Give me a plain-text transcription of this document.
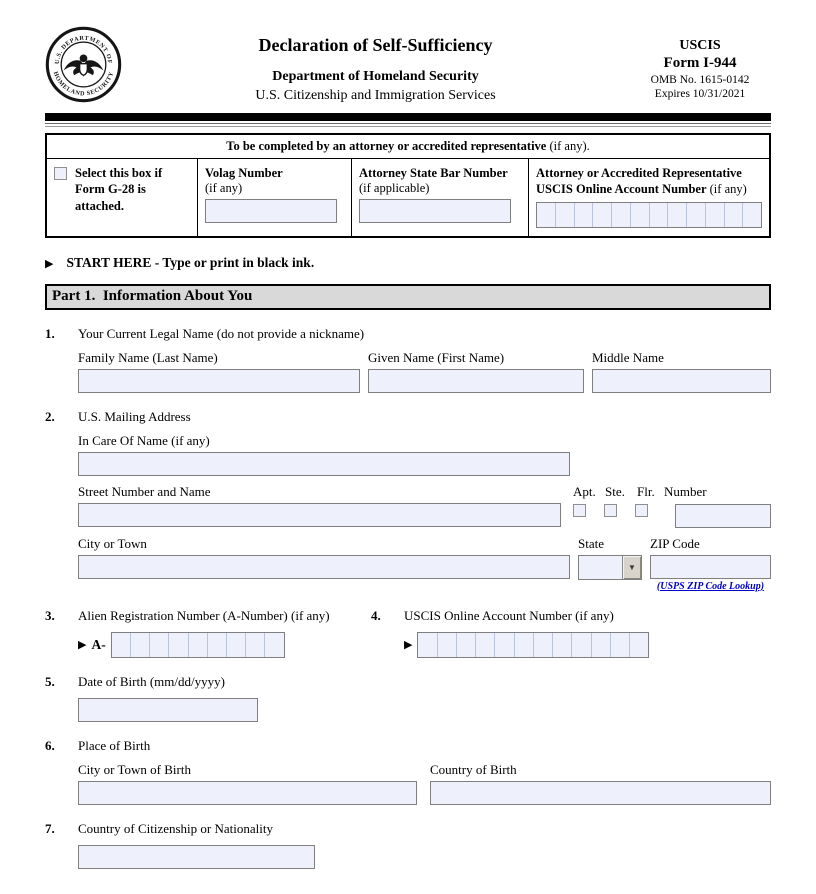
U.S. DEPARTMENT OF
HOMELAND SECURITY
Declaration of Self-Sufficiency
Department of Homeland Security
U.S. Citizenship and Immigration Services
USCIS
Form I-944
OMB No. 1615-0142
Expires 10/31/2021
To be completed by an attorney or accredited representative (if any).
Select this box if Form G-28 is attached.
Volag Number
(if any)
Attorney State Bar Number
(if applicable)
Attorney or Accredited Representative USCIS Online Account Number (if any)
▶ START HERE - Type or print in black ink.
Part 1.  Information About You
1.	Your Current Legal Name (do not provide a nickname)
Family Name (Last Name)	Given Name (First Name)	Middle Name
2.	U.S. Mailing Address
In Care Of Name (if any)
Street Number and Name	Apt. Ste. Flr. Number
City or Town	State
▼
ZIP Code
(USPS ZIP Code Lookup)
3.	Alien Registration Number (A-Number) (if any)
▶ A-
4.	USCIS Online Account Number (if any)
▶
5.	Date of Birth (mm/dd/yyyy)
6.	Place of Birth
City or Town of Birth	Country of Birth
7.	Country of Citizenship or Nationality
